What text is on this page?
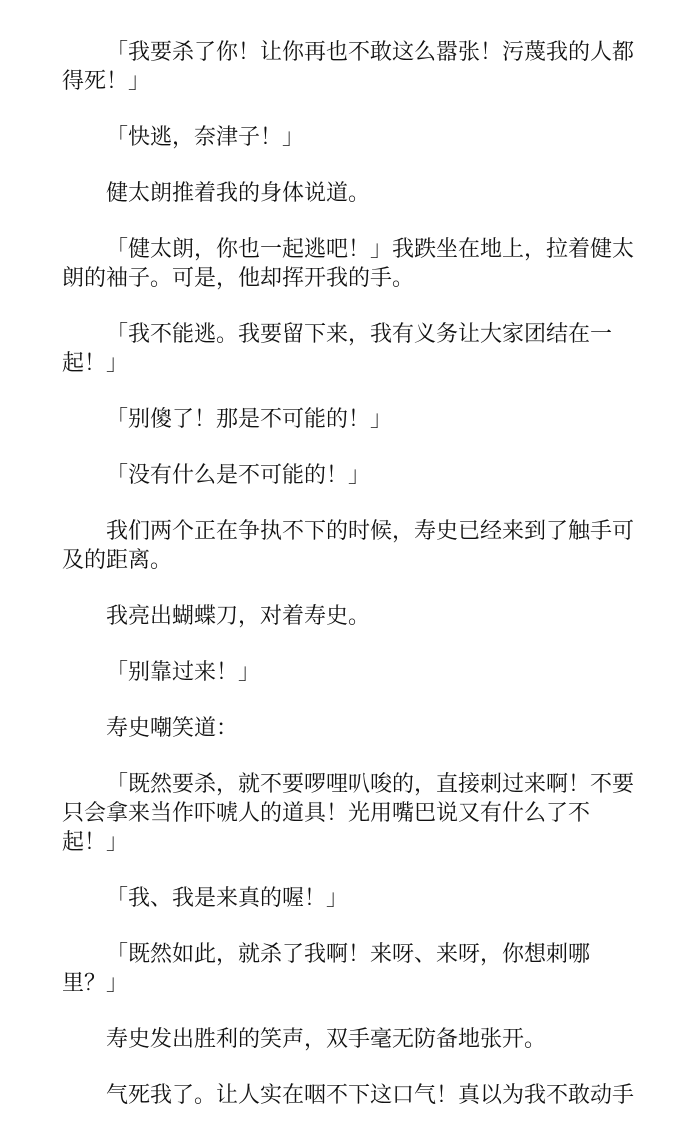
「我要杀了你！让你再也不敢这么嚣张！污蔑我的人都得死！」

「快逃，奈津子！」

健太朗推着我的身体说道。

「健太朗，你也一起逃吧！」我跌坐在地上，拉着健太朗的袖子。可是，他却挥开我的手。

「我不能逃。我要留下来，我有义务让大家团结在一起！」

「别傻了！那是不可能的！」

「没有什么是不可能的！」

我们两个正在争执不下的时候，寿史已经来到了触手可及的距离。

我亮出蝴蝶刀，对着寿史。

「别靠过来！」

寿史嘲笑道：

「既然要杀，就不要啰哩叭唆的，直接刺过来啊！不要只会拿来当作吓唬人的道具！光用嘴巴说又有什么了不起！」

「我、我是来真的喔！」

「既然如此，就杀了我啊！来呀、来呀，你想刺哪里？」

寿史发出胜利的笑声，双手毫无防备地张开。

气死我了。让人实在咽不下这口气！真以为我不敢动手
